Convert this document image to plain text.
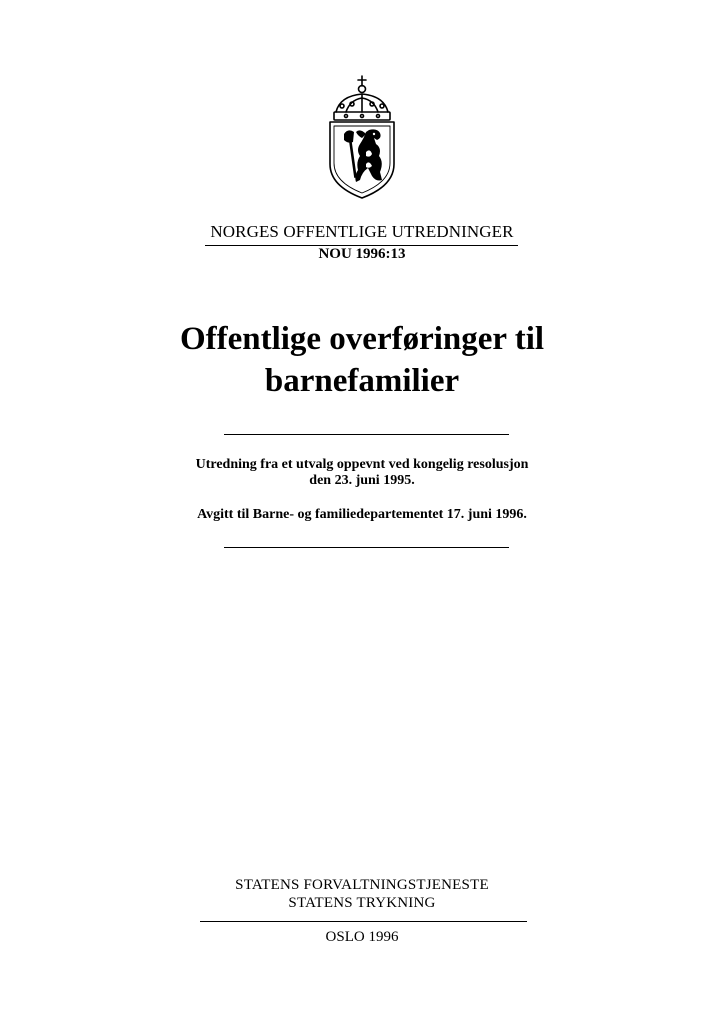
NORGES OFFENTLIGE UTREDNINGER
NOU 1996:13
Offentlige overføringer til
barnefamilier
Utredning fra et utvalg oppevnt ved kongelig resolusjon
den 23. juni 1995.
Avgitt til Barne- og familiedepartementet 17. juni 1996.
STATENS FORVALTNINGSTJENESTE
STATENS TRYKNING
OSLO 1996
